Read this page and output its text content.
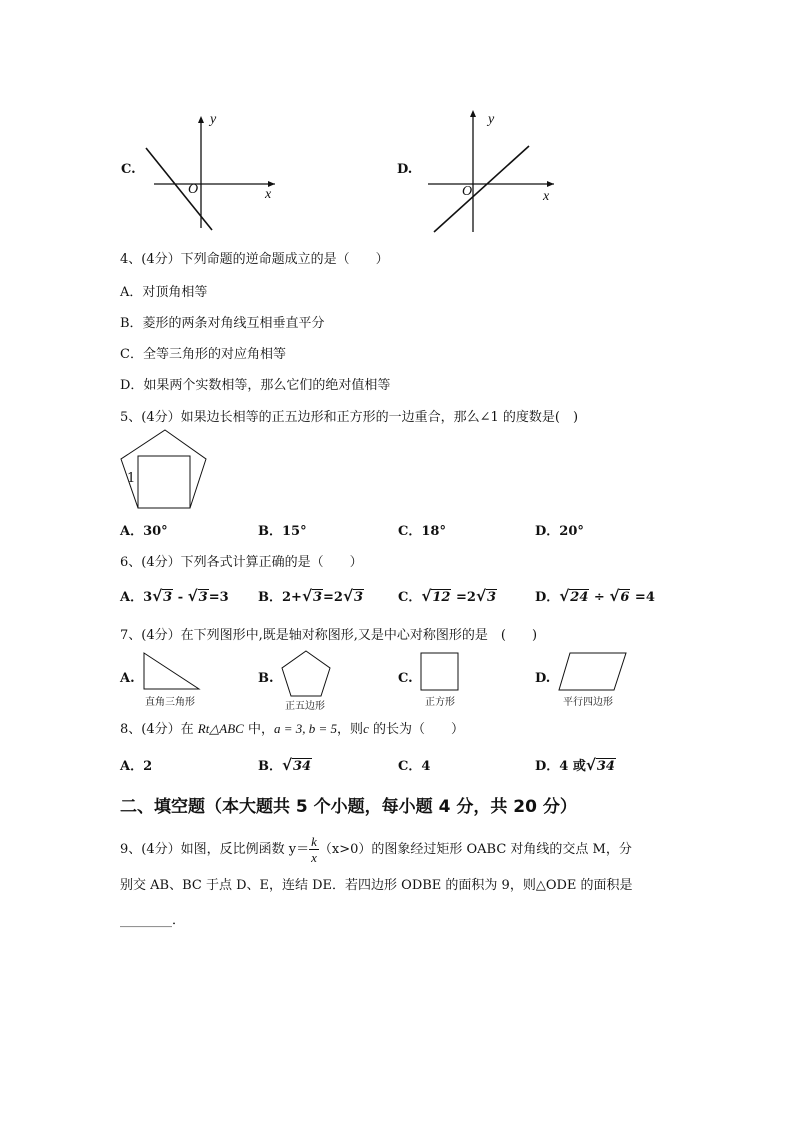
C.
y
x
O
D.
y
x
O
4、(4分）下列命题的逆命题成立的是（　　）
A．对顶角相等
B．菱形的两条对角线互相垂直平分
C．全等三角形的对应角相等
D．如果两个实数相等，那么它们的绝对值相等
5、(4分）如果边长相等的正五边形和正方形的一边重合，那么∠1 的度数是(　)
1
A．30°	B．15°	C．18°	D．20°
6、(4分）下列各式计算正确的是（　　）
A．3√3 - √3=3 B．2+√3=2√3	C．√12 =2√3	D．√24 ÷ √6 =4
7、(4分）在下列图形中,既是轴对称图形,又是中心对称图形的是　(　　)
A.
直角三角形
B.
正五边形
C.
正方形
D.
平行四边形
8、(4分）在 Rt△ABC 中，a = 3, b = 5，则c 的长为（　　）
A．2	B．√34	C．4	D．4 或√34
二、填空题（本大题共 5 个小题，每小题 4 分，共 20 分）
9、(4分）如图，反比例函数 $y= \frac{k}{x} (x>0)$的图象经过矩形 OABC 对角线的交点 M，分
别交 AB、BC 于点 D、E，连结 DE．若四边形 ODBE 的面积为 9，则△ODE 的面积是
________．
